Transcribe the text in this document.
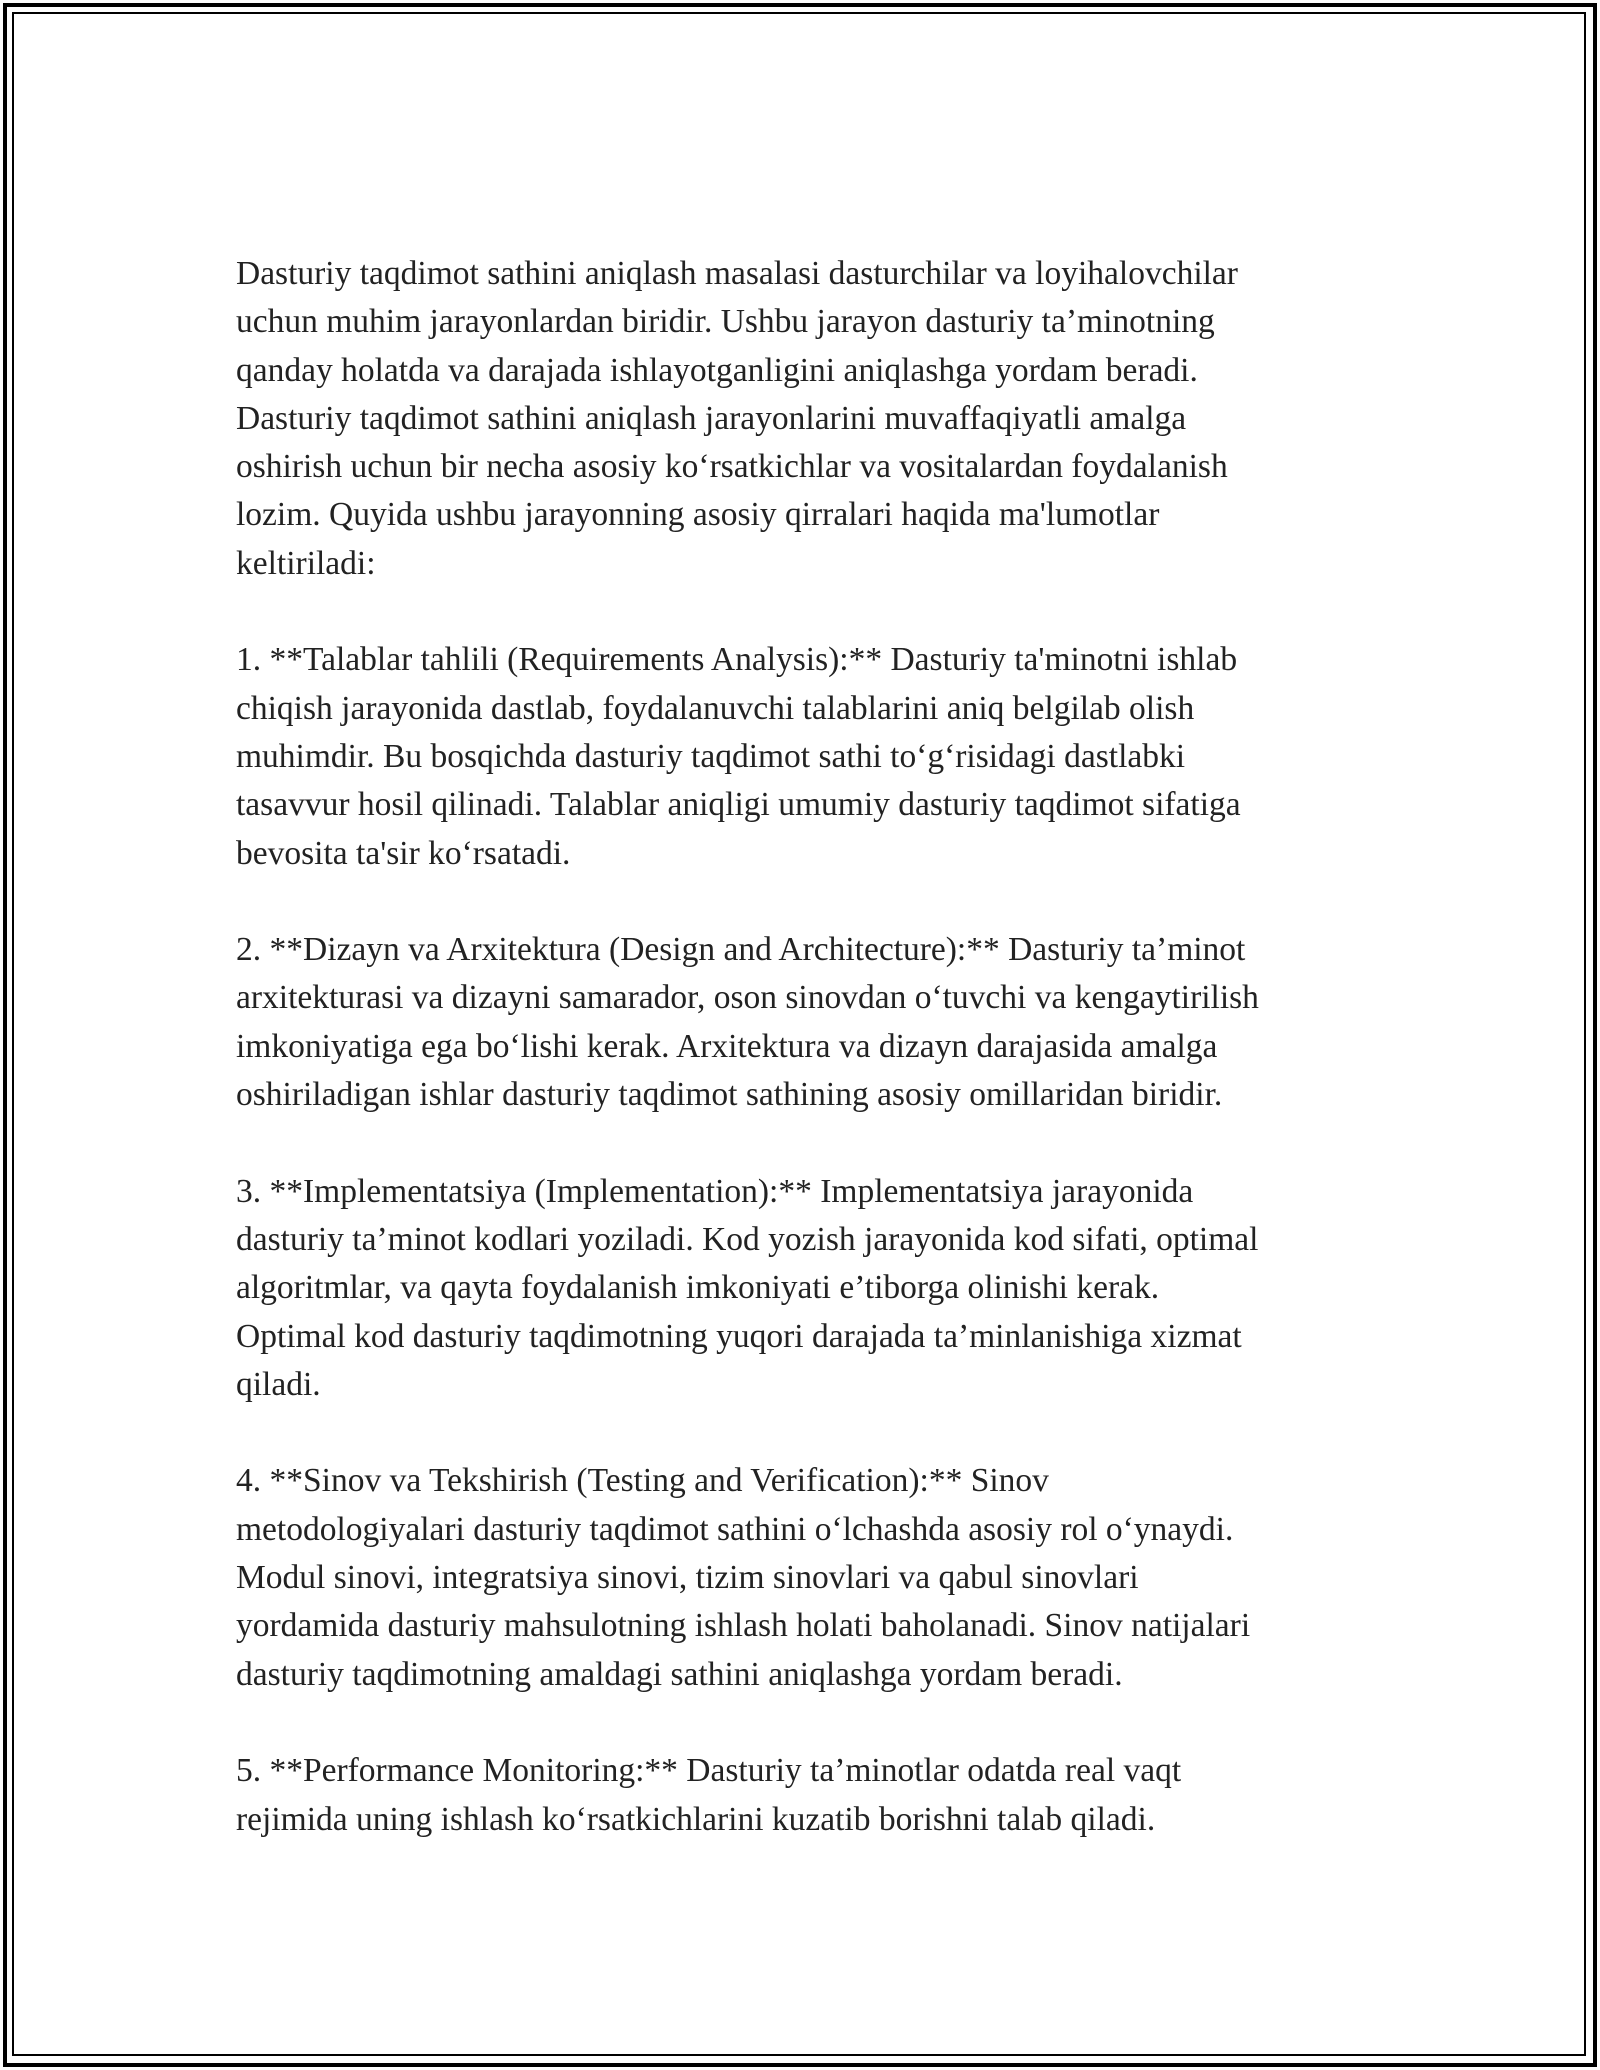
Dasturiy taqdimot sathini aniqlash masalasi dasturchilar va loyihalovchilar
uchun muhim jarayonlardan biridir. Ushbu jarayon dasturiy ta’minotning
qanday holatda va darajada ishlayotganligini aniqlashga yordam beradi.
Dasturiy taqdimot sathini aniqlash jarayonlarini muvaffaqiyatli amalga
oshirish uchun bir necha asosiy ko‘rsatkichlar va vositalardan foydalanish
lozim. Quyida ushbu jarayonning asosiy qirralari haqida ma'lumotlar
keltiriladi:

1. **Talablar tahlili (Requirements Analysis):** Dasturiy ta'minotni ishlab
chiqish jarayonida dastlab, foydalanuvchi talablarini aniq belgilab olish
muhimdir. Bu bosqichda dasturiy taqdimot sathi to‘g‘risidagi dastlabki
tasavvur hosil qilinadi. Talablar aniqligi umumiy dasturiy taqdimot sifatiga
bevosita ta'sir ko‘rsatadi.

2. **Dizayn va Arxitektura (Design and Architecture):** Dasturiy ta’minot
arxitekturasi va dizayni samarador, oson sinovdan o‘tuvchi va kengaytirilish
imkoniyatiga ega bo‘lishi kerak. Arxitektura va dizayn darajasida amalga
oshiriladigan ishlar dasturiy taqdimot sathining asosiy omillaridan biridir.

3. **Implementatsiya (Implementation):** Implementatsiya jarayonida
dasturiy ta’minot kodlari yoziladi. Kod yozish jarayonida kod sifati, optimal
algoritmlar, va qayta foydalanish imkoniyati e’tiborga olinishi kerak.
Optimal kod dasturiy taqdimotning yuqori darajada ta’minlanishiga xizmat
qiladi.

4. **Sinov va Tekshirish (Testing and Verification):** Sinov
metodologiyalari dasturiy taqdimot sathini o‘lchashda asosiy rol o‘ynaydi.
Modul sinovi, integratsiya sinovi, tizim sinovlari va qabul sinovlari
yordamida dasturiy mahsulotning ishlash holati baholanadi. Sinov natijalari
dasturiy taqdimotning amaldagi sathini aniqlashga yordam beradi.

5. **Performance Monitoring:** Dasturiy ta’minotlar odatda real vaqt
rejimida uning ishlash ko‘rsatkichlarini kuzatib borishni talab qiladi.
